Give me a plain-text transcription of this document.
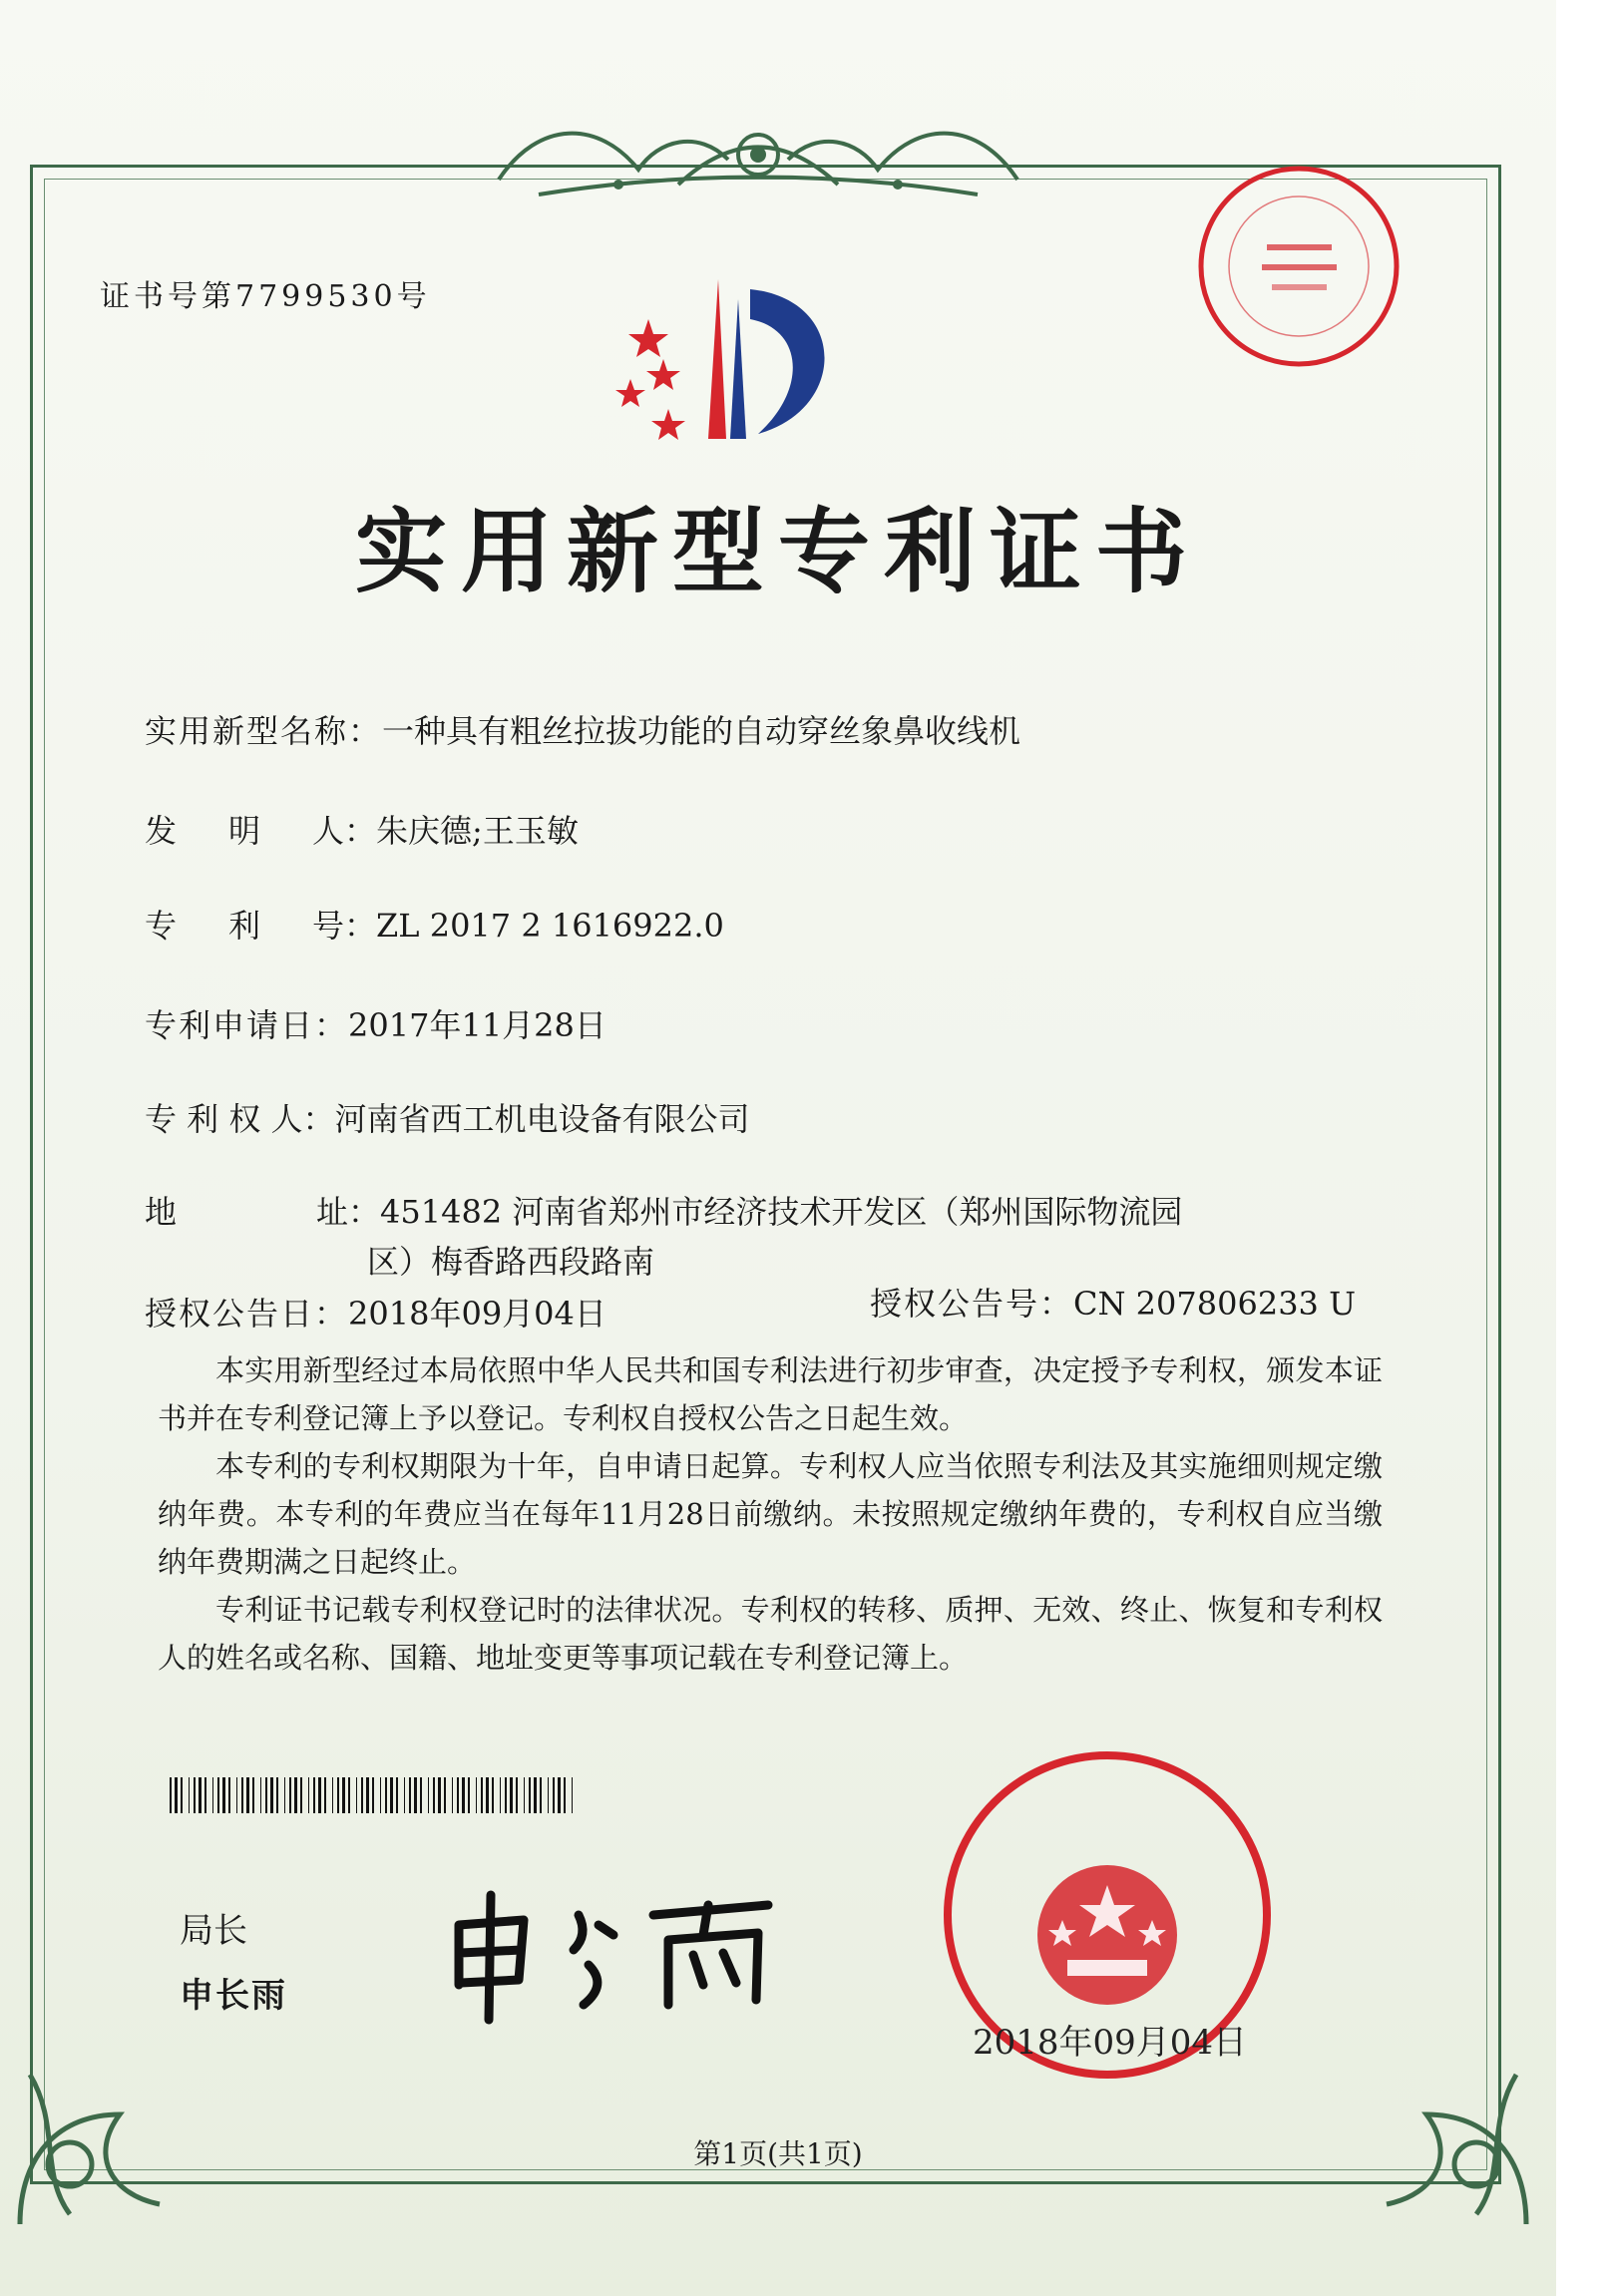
证书号第7799530号
实用新型专利证书
实用新型名称：一种具有粗丝拉拔功能的自动穿丝象鼻收线机
发 明 人：朱庆德;王玉敏
专 利 号：ZL 2017 2 1616922.0
专利申请日：2017年11月28日
专 利 权 人：河南省西工机电设备有限公司
地	址：451482 河南省郑州市经济技术开发区（郑州国际物流园
区）梅香路西段路南
授权公告日：2018年09月04日	授权公告号：CN 207806233 U

本实用新型经过本局依照中华人民共和国专利法进行初步审查，决定授予专利权，颁发本证书并在专利登记簿上予以登记。专利权自授权公告之日起生效。

本专利的专利权期限为十年，自申请日起算。专利权人应当依照专利法及其实施细则规定缴纳年费。本专利的年费应当在每年11月28日前缴纳。未按照规定缴纳年费的，专利权自应当缴纳年费期满之日起终止。

专利证书记载专利权登记时的法律状况。专利权的转移、质押、无效、终止、恢复和专利权人的姓名或名称、国籍、地址变更等事项记载在专利登记簿上。

局长
申长雨
2018年09月04日
第1页(共1页)
